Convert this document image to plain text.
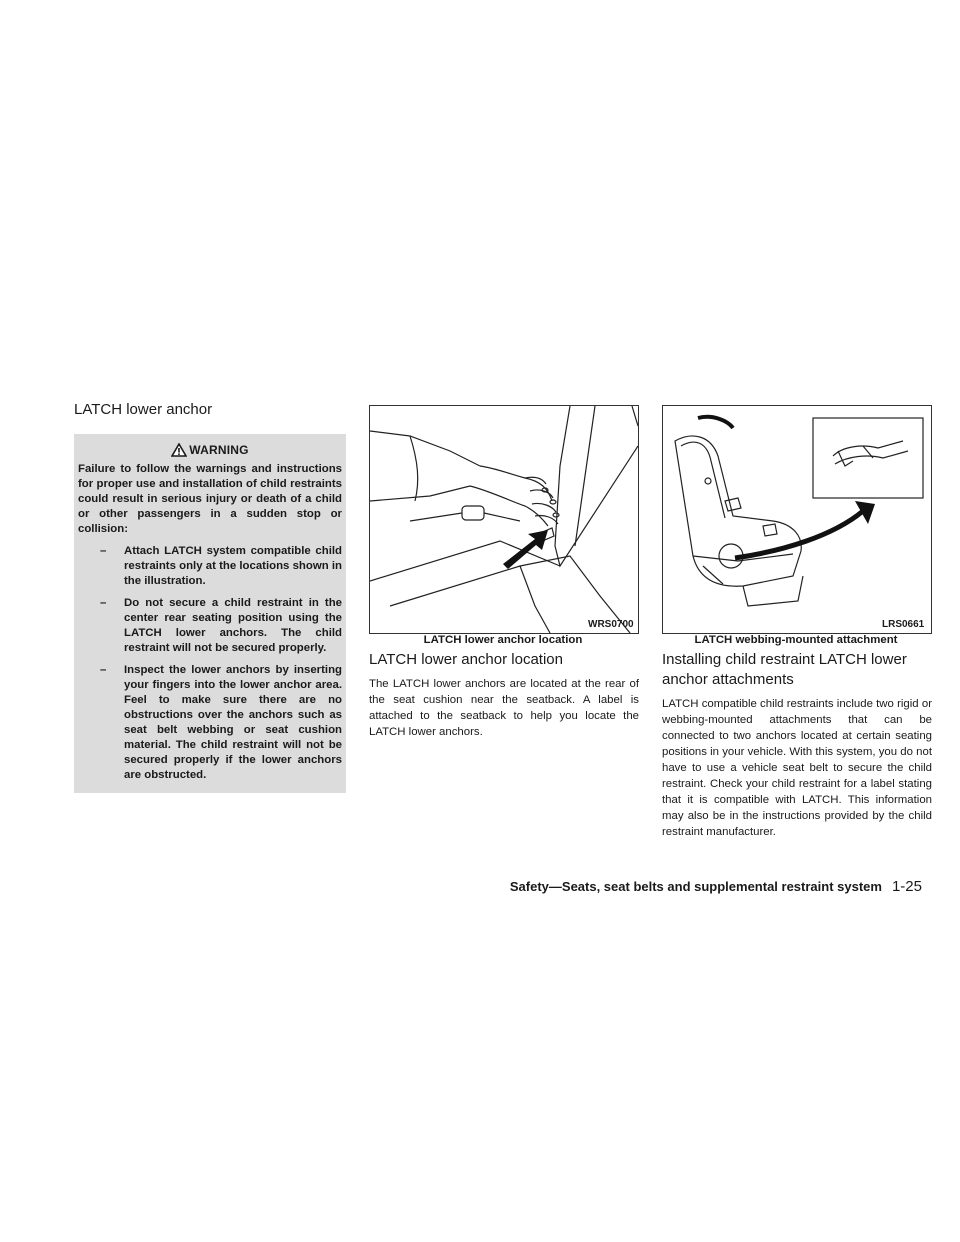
LATCH lower anchor
WARNING

Failure to follow the warnings and instructions for proper use and installation of child restraints could result in serious injury or death of a child or other passengers in a sudden stop or collision:

– Attach LATCH system compatible child restraints only at the locations shown in the illustration.
– Do not secure a child restraint in the center rear seating position using the LATCH lower anchors. The child restraint will not be secured properly.
– Inspect the lower anchors by inserting your fingers into the lower anchor area. Feel to make sure there are no obstructions over the anchors such as seat belt webbing or seat cushion material. The child restraint will not be secured properly if the lower anchors are obstructed.
WRS0700
LATCH lower anchor location
LATCH lower anchor location

The LATCH lower anchors are located at the rear of the seat cushion near the seatback. A label is attached to the seatback to help you locate the LATCH lower anchors.

LRS0661
LATCH webbing-mounted attachment
Installing child restraint LATCH lower anchor attachments

LATCH compatible child restraints include two rigid or webbing-mounted attachments that can be connected to two anchors located at certain seating positions in your vehicle. With this system, you do not have to use a vehicle seat belt to secure the child restraint. Check your child restraint for a label stating that it is compatible with LATCH. This information may also be in the instructions provided by the child restraint manufacturer.

Safety—Seats, seat belts and supplemental restraint system 1-25
